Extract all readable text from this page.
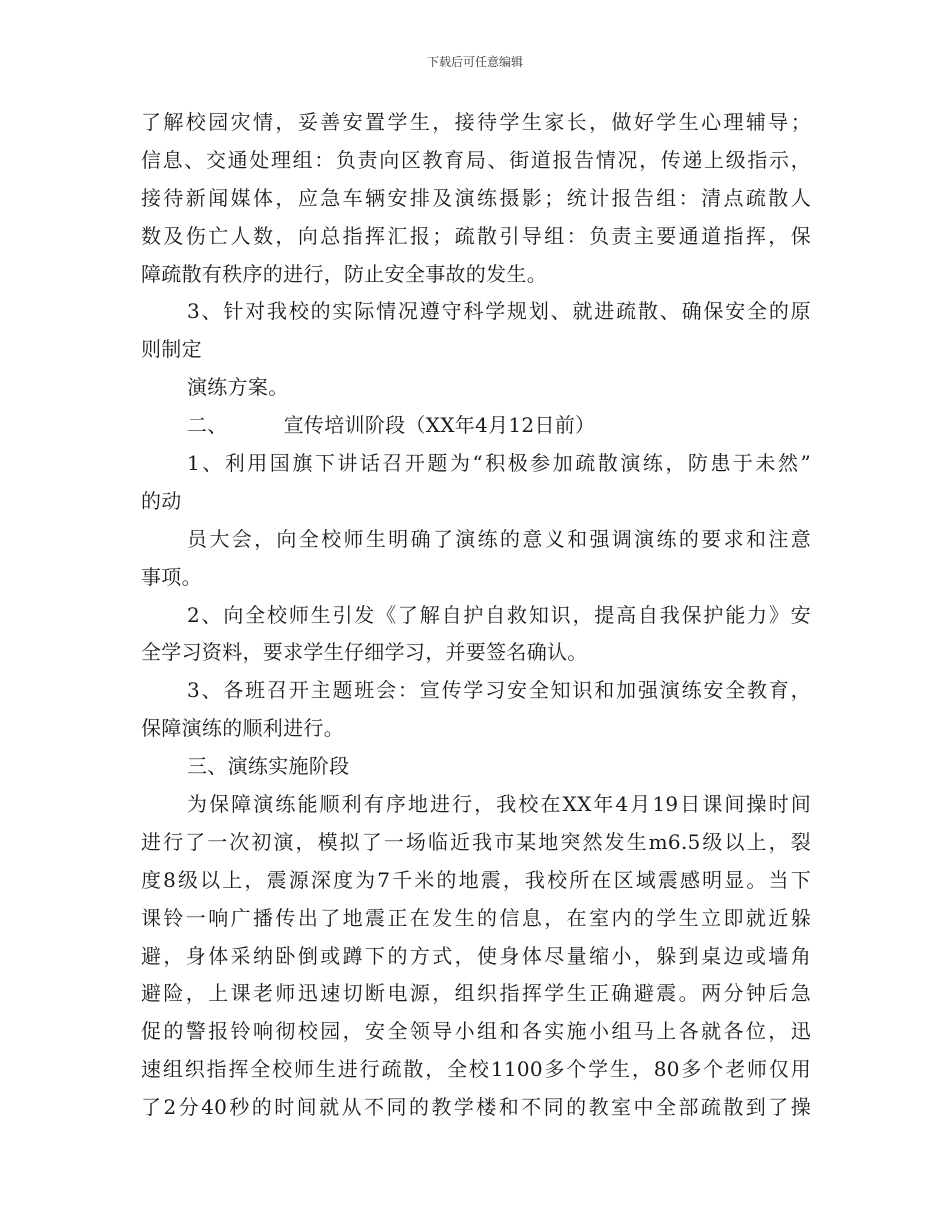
下载后可任意编辑
了解校园灾情，妥善安置学生，接待学生家长，做好学生心理辅导；
信息、交通处理组：负责向区教育局、街道报告情况，传递上级指示，
接待新闻媒体，应急车辆安排及演练摄影；统计报告组：清点疏散人
数及伤亡人数，向总指挥汇报；疏散引导组：负责主要通道指挥，保
障疏散有秩序的进行，防止安全事故的发生。
3、针对我校的实际情况遵守科学规划、就进疏散、确保安全的原
则制定
演练方案。
二、	宣传培训阶段（XX年4月12日前）
1、利用国旗下讲话召开题为“积极参加疏散演练，防患于未然”
的动
员大会，向全校师生明确了演练的意义和强调演练的要求和注意
事项。
2、向全校师生引发《了解自护自救知识，提高自我保护能力》安
全学习资料，要求学生仔细学习，并要签名确认。
3、各班召开主题班会：宣传学习安全知识和加强演练安全教育，
保障演练的顺利进行。
三、演练实施阶段
为保障演练能顺利有序地进行，我校在XX年4月19日课间操时间
进行了一次初演，模拟了一场临近我市某地突然发生m6.5级以上，裂
度8级以上，震源深度为7千米的地震，我校所在区域震感明显。当下
课铃一响广播传出了地震正在发生的信息，在室内的学生立即就近躲
避，身体采纳卧倒或蹲下的方式，使身体尽量缩小，躲到桌边或墙角
避险，上课老师迅速切断电源，组织指挥学生正确避震。两分钟后急
促的警报铃响彻校园，安全领导小组和各实施小组马上各就各位，迅
速组织指挥全校师生进行疏散，全校1100多个学生，80多个老师仅用
了2分40秒的时间就从不同的教学楼和不同的教室中全部疏散到了操
